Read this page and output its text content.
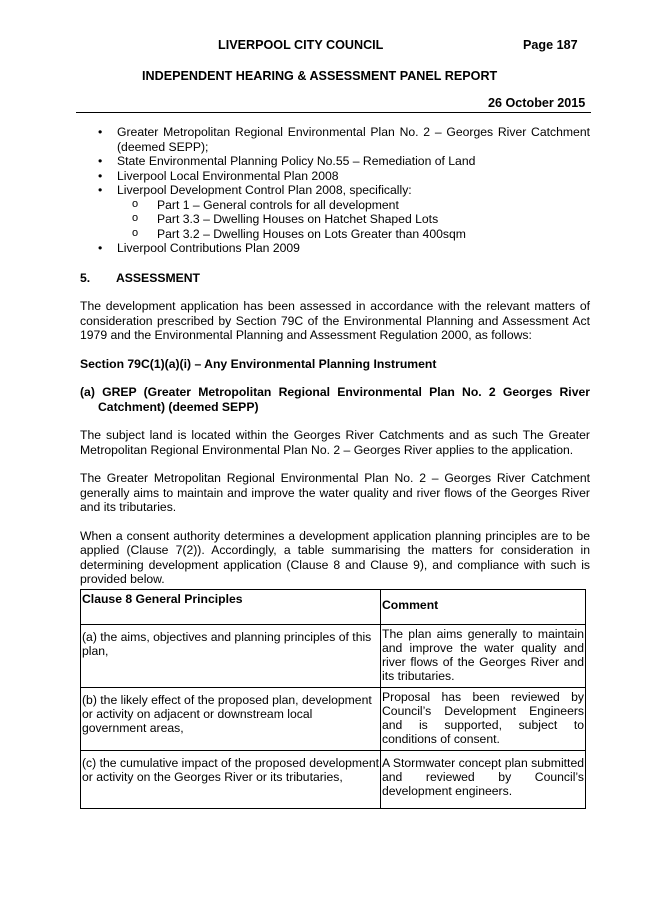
LIVERPOOL CITY COUNCIL	Page 187
INDEPENDENT HEARING & ASSESSMENT PANEL REPORT
26 October 2015
• Greater Metropolitan Regional Environmental Plan No. 2 – Georges River Catchment (deemed SEPP);
• State Environmental Planning Policy No.55 – Remediation of Land
• Liverpool Local Environmental Plan 2008
• Liverpool Development Control Plan 2008, specifically:
o Part 1 – General controls for all development
o Part 3.3 – Dwelling Houses on Hatchet Shaped Lots
o Part 3.2 – Dwelling Houses on Lots Greater than 400sqm
• Liverpool Contributions Plan 2009
5. ASSESSMENT

The development application has been assessed in accordance with the relevant matters of consideration prescribed by Section 79C of the Environmental Planning and Assessment Act 1979 and the Environmental Planning and Assessment Regulation 2000, as follows:

Section 79C(1)(a)(i) – Any Environmental Planning Instrument

(a) GREP (Greater Metropolitan Regional Environmental Plan No. 2 Georges River Catchment) (deemed SEPP)

The subject land is located within the Georges River Catchments and as such The Greater Metropolitan Regional Environmental Plan No. 2 – Georges River applies to the application.

The Greater Metropolitan Regional Environmental Plan No. 2 – Georges River Catchment generally aims to maintain and improve the water quality and river flows of the Georges River and its tributaries.

When a consent authority determines a development application planning principles are to be applied (Clause 7(2)). Accordingly, a table summarising the matters for consideration in determining development application (Clause 8 and Clause 9), and compliance with such is provided below.

Clause 8 General Principles	Comment
(a) the aims, objectives and planning principles of this plan,	The plan aims generally to maintain and improve the water quality and river flows of the Georges River and its tributaries.
(b) the likely effect of the proposed plan, development or activity on adjacent or downstream local government areas,	Proposal has been reviewed by Council’s Development Engineers and is supported, subject to conditions of consent.
(c) the cumulative impact of the proposed development or activity on the Georges River or its tributaries,	A Stormwater concept plan submitted and reviewed by Council’s development engineers.
